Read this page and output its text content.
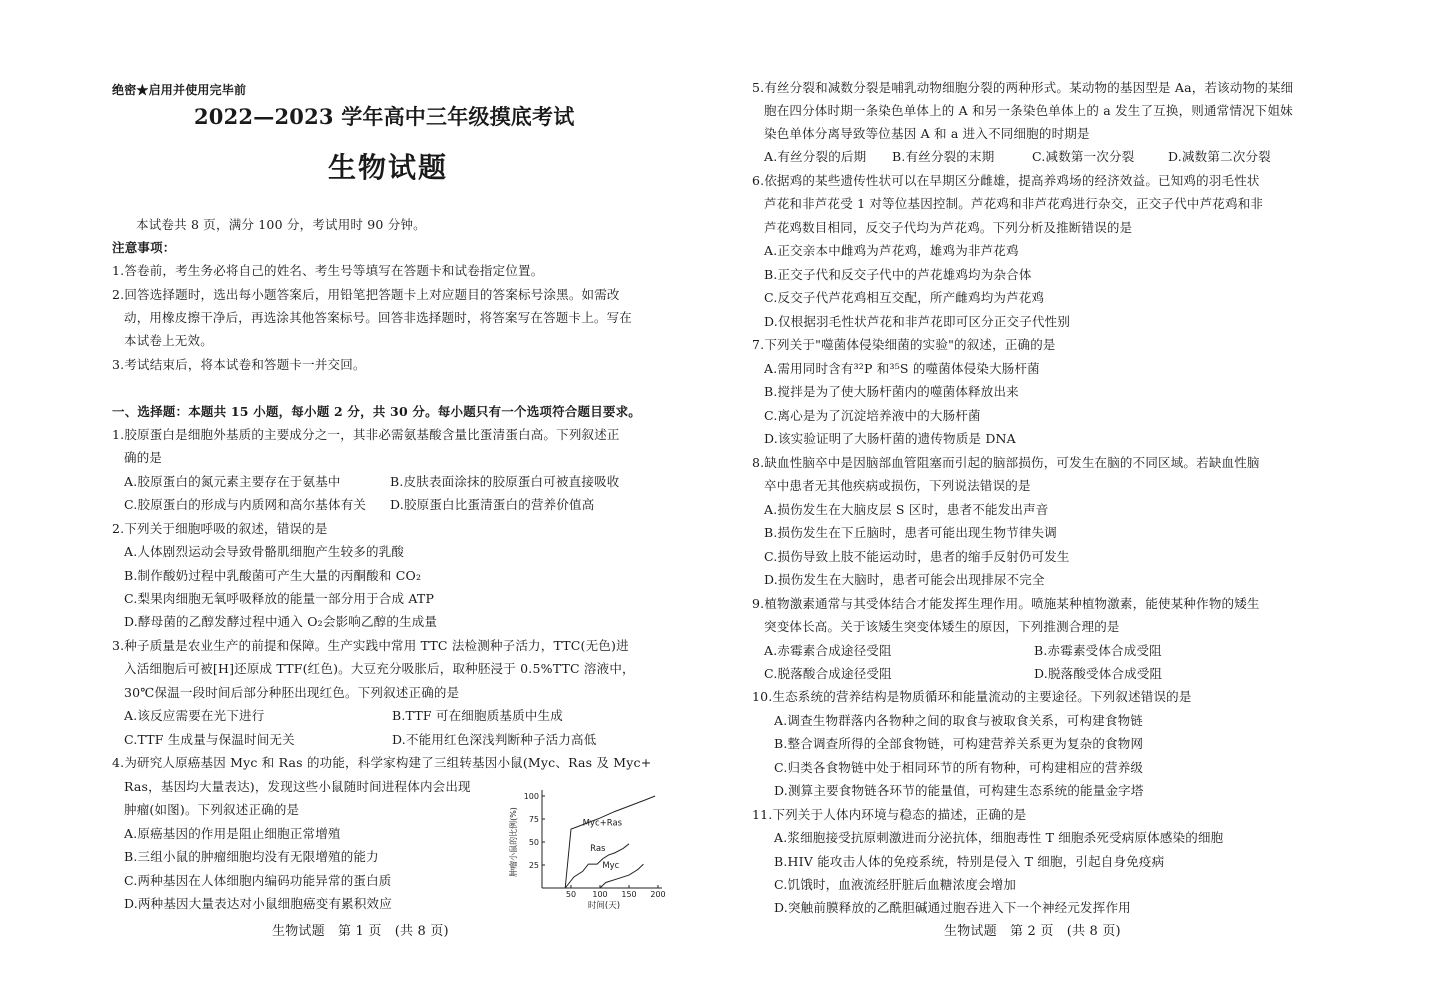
绝密★启用并使用完毕前
2022—2023 学年高中三年级摸底考试
生物试题
本试卷共 8 页，满分 100 分，考试用时 90 分钟。
注意事项：
1.答卷前，考生务必将自己的姓名、考生号等填写在答题卡和试卷指定位置。
2.回答选择题时，选出每小题答案后，用铅笔把答题卡上对应题目的答案标号涂黑。如需改
动，用橡皮擦干净后，再选涂其他答案标号。回答非选择题时，将答案写在答题卡上。写在
本试卷上无效。
3.考试结束后，将本试卷和答题卡一并交回。
一、选择题：本题共 15 小题，每小题 2 分，共 30 分。每小题只有一个选项符合题目要求。
1.胶原蛋白是细胞外基质的主要成分之一，其非必需氨基酸含量比蛋清蛋白高。下列叙述正
确的是
A.胶原蛋白的氮元素主要存在于氨基中	B.皮肤表面涂抹的胶原蛋白可被直接吸收
C.胶原蛋白的形成与内质网和高尔基体有关 D.胶原蛋白比蛋清蛋白的营养价值高
2.下列关于细胞呼吸的叙述，错误的是
A.人体剧烈运动会导致骨骼肌细胞产生较多的乳酸
B.制作酸奶过程中乳酸菌可产生大量的丙酮酸和 CO₂
C.梨果肉细胞无氧呼吸释放的能量一部分用于合成 ATP
D.酵母菌的乙醇发酵过程中通入 O₂会影响乙醇的生成量
3.种子质量是农业生产的前提和保障。生产实践中常用 TTC 法检测种子活力，TTC(无色)进
入活细胞后可被[H]还原成 TTF(红色)。大豆充分吸胀后，取种胚浸于 0.5%TTC 溶液中，
30℃保温一段时间后部分种胚出现红色。下列叙述正确的是
A.该反应需要在光下进行	B.TTF 可在细胞质基质中生成
C.TTF 生成量与保温时间无关	D.不能用红色深浅判断种子活力高低
4.为研究人原癌基因 Myc 和 Ras 的功能，科学家构建了三组转基因小鼠(Myc、Ras 及 Myc+
Ras，基因均大量表达)，发现这些小鼠随时间进程体内会出现
肿瘤(如图)。下列叙述正确的是
A.原癌基因的作用是阻止细胞正常增殖
B.三组小鼠的肿瘤细胞均没有无限增殖的能力
C.两种基因在人体细胞内编码功能异常的蛋白质
D.两种基因大量表达对小鼠细胞癌变有累积效应
25
50
75
100
50 100 150 200
时间(天)
肿瘤小鼠的比例(%)	Myc+Ras
Ras
Myc
生物试题　第 1 页　(共 8 页)
5.有丝分裂和减数分裂是哺乳动物细胞分裂的两种形式。某动物的基因型是 Aa，若该动物的某细
胞在四分体时期一条染色单体上的 A 和另一条染色单体上的 a 发生了互换，则通常情况下姐妹
染色单体分离导致等位基因 A 和 a 进入不同细胞的时期是
A.有丝分裂的后期 B.有丝分裂的末期	C.减数第一次分裂	D.减数第二次分裂
6.依据鸡的某些遗传性状可以在早期区分雌雄，提高养鸡场的经济效益。已知鸡的羽毛性状
芦花和非芦花受 1 对等位基因控制。芦花鸡和非芦花鸡进行杂交，正交子代中芦花鸡和非
芦花鸡数目相同，反交子代均为芦花鸡。下列分析及推断错误的是
A.正交亲本中雌鸡为芦花鸡，雄鸡为非芦花鸡
B.正交子代和反交子代中的芦花雄鸡均为杂合体
C.反交子代芦花鸡相互交配，所产雌鸡均为芦花鸡
D.仅根据羽毛性状芦花和非芦花即可区分正交子代性别
7.下列关于"噬菌体侵染细菌的实验"的叙述，正确的是
A.需用同时含有³²P 和³⁵S 的噬菌体侵染大肠杆菌
B.搅拌是为了使大肠杆菌内的噬菌体释放出来
C.离心是为了沉淀培养液中的大肠杆菌
D.该实验证明了大肠杆菌的遗传物质是 DNA
8.缺血性脑卒中是因脑部血管阻塞而引起的脑部损伤，可发生在脑的不同区域。若缺血性脑
卒中患者无其他疾病或损伤，下列说法错误的是
A.损伤发生在大脑皮层 S 区时，患者不能发出声音
B.损伤发生在下丘脑时，患者可能出现生物节律失调
C.损伤导致上肢不能运动时，患者的缩手反射仍可发生
D.损伤发生在大脑时，患者可能会出现排尿不完全
9.植物激素通常与其受体结合才能发挥生理作用。喷施某种植物激素，能使某种作物的矮生
突变体长高。关于该矮生突变体矮生的原因，下列推测合理的是
A.赤霉素合成途径受阻	B.赤霉素受体合成受阻
C.脱落酸合成途径受阻	D.脱落酸受体合成受阻
10.生态系统的营养结构是物质循环和能量流动的主要途径。下列叙述错误的是
A.调查生物群落内各物种之间的取食与被取食关系，可构建食物链
B.整合调查所得的全部食物链，可构建营养关系更为复杂的食物网
C.归类各食物链中处于相同环节的所有物种，可构建相应的营养级
D.测算主要食物链各环节的能量值，可构建生态系统的能量金字塔
11.下列关于人体内环境与稳态的描述，正确的是
A.浆细胞接受抗原刺激进而分泌抗体，细胞毒性 T 细胞杀死受病原体感染的细胞
B.HIV 能攻击人体的免疫系统，特别是侵入 T 细胞，引起自身免疫病
C.饥饿时，血液流经肝脏后血糖浓度会增加
D.突触前膜释放的乙酰胆碱通过胞吞进入下一个神经元发挥作用
生物试题　第 2 页　(共 8 页)
